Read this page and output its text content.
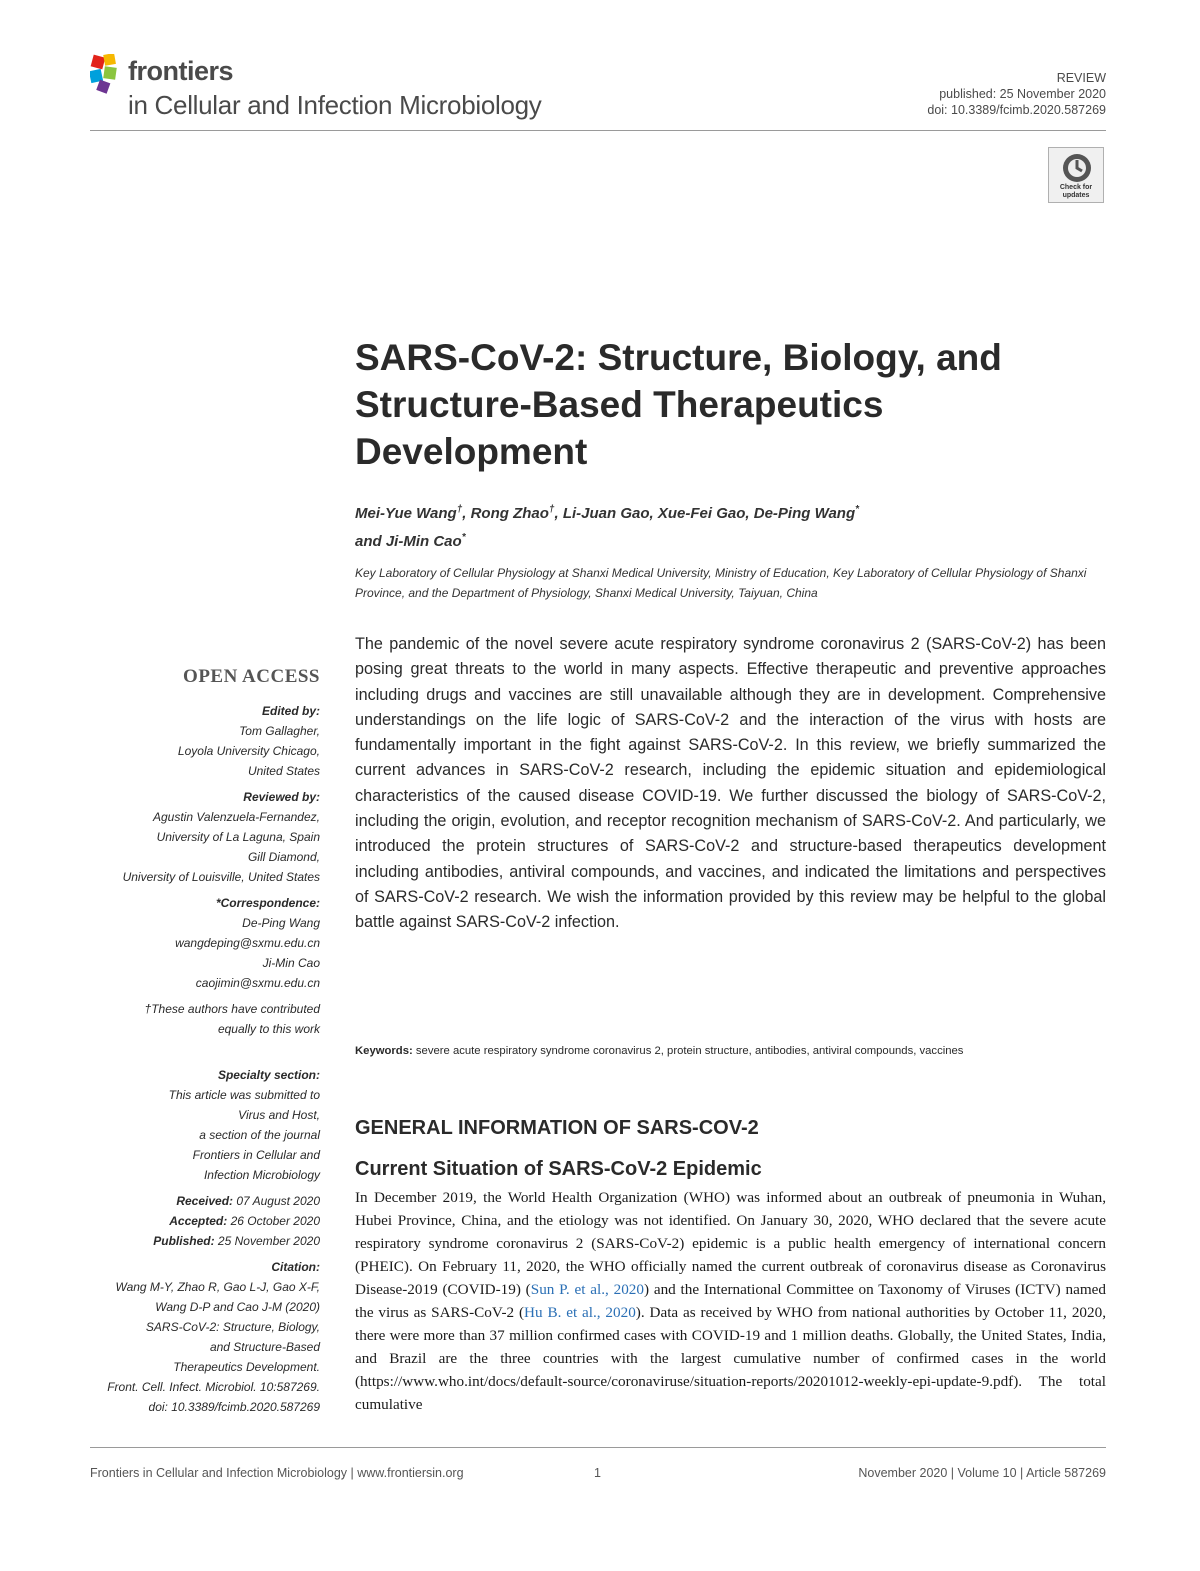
frontiers
in Cellular and Infection Microbiology
REVIEW
published: 25 November 2020
doi: 10.3389/fcimb.2020.587269
Check for updates
SARS-CoV-2: Structure, Biology, and Structure-Based Therapeutics Development
Mei-Yue Wang†, Rong Zhao†, Li-Juan Gao, Xue-Fei Gao, De-Ping Wang*
and Ji-Min Cao*
Key Laboratory of Cellular Physiology at Shanxi Medical University, Ministry of Education, Key Laboratory of Cellular Physiology of Shanxi Province, and the Department of Physiology, Shanxi Medical University, Taiyuan, China
The pandemic of the novel severe acute respiratory syndrome coronavirus 2 (SARS-CoV-2) has been posing great threats to the world in many aspects. Effective therapeutic and preventive approaches including drugs and vaccines are still unavailable although they are in development. Comprehensive understandings on the life logic of SARS-CoV-2 and the interaction of the virus with hosts are fundamentally important in the fight against SARS-CoV-2. In this review, we briefly summarized the current advances in SARS-CoV-2 research, including the epidemic situation and epidemiological characteristics of the caused disease COVID-19. We further discussed the biology of SARS-CoV-2, including the origin, evolution, and receptor recognition mechanism of SARS-CoV-2. And particularly, we introduced the protein structures of SARS-CoV-2 and structure-based therapeutics development including antibodies, antiviral compounds, and vaccines, and indicated the limitations and perspectives of SARS-CoV-2 research. We wish the information provided by this review may be helpful to the global battle against SARS-CoV-2 infection.
Keywords: severe acute respiratory syndrome coronavirus 2, protein structure, antibodies, antiviral compounds, vaccines
GENERAL INFORMATION OF SARS-COV-2
Current Situation of SARS-CoV-2 Epidemic
In December 2019, the World Health Organization (WHO) was informed about an outbreak of pneumonia in Wuhan, Hubei Province, China, and the etiology was not identified. On January 30, 2020, WHO declared that the severe acute respiratory syndrome coronavirus 2 (SARS-CoV-2) epidemic is a public health emergency of international concern (PHEIC). On February 11, 2020, the WHO officially named the current outbreak of coronavirus disease as Coronavirus Disease-2019 (COVID-19) (Sun P. et al., 2020) and the International Committee on Taxonomy of Viruses (ICTV) named the virus as SARS-CoV-2 (Hu B. et al., 2020). Data as received by WHO from national authorities by October 11, 2020, there were more than 37 million confirmed cases with COVID-19 and 1 million deaths. Globally, the United States, India, and Brazil are the three countries with the largest cumulative number of confirmed cases in the world (https://www.who.int/docs/default-source/coronaviruse/situation-reports/20201012-weekly-epi-update-9.pdf). The total cumulative
OPEN ACCESS
Edited by:
Tom Gallagher,
Loyola University Chicago,
United States
Reviewed by:
Agustin Valenzuela-Fernandez,
University of La Laguna, Spain
Gill Diamond,
University of Louisville, United States
*Correspondence:
De-Ping Wang
wangdeping@sxmu.edu.cn
Ji-Min Cao
caojimin@sxmu.edu.cn
†These authors have contributed
equally to this work
Specialty section:
This article was submitted to
Virus and Host,
a section of the journal
Frontiers in Cellular and
Infection Microbiology
Received: 07 August 2020
Accepted: 26 October 2020
Published: 25 November 2020
Citation:
Wang M-Y, Zhao R, Gao L-J, Gao X-F,
Wang D-P and Cao J-M (2020)
SARS-CoV-2: Structure, Biology,
and Structure-Based
Therapeutics Development.
Front. Cell. Infect. Microbiol. 10:587269.
doi: 10.3389/fcimb.2020.587269
Frontiers in Cellular and Infection Microbiology | www.frontiersin.org	1	November 2020 | Volume 10 | Article 587269
